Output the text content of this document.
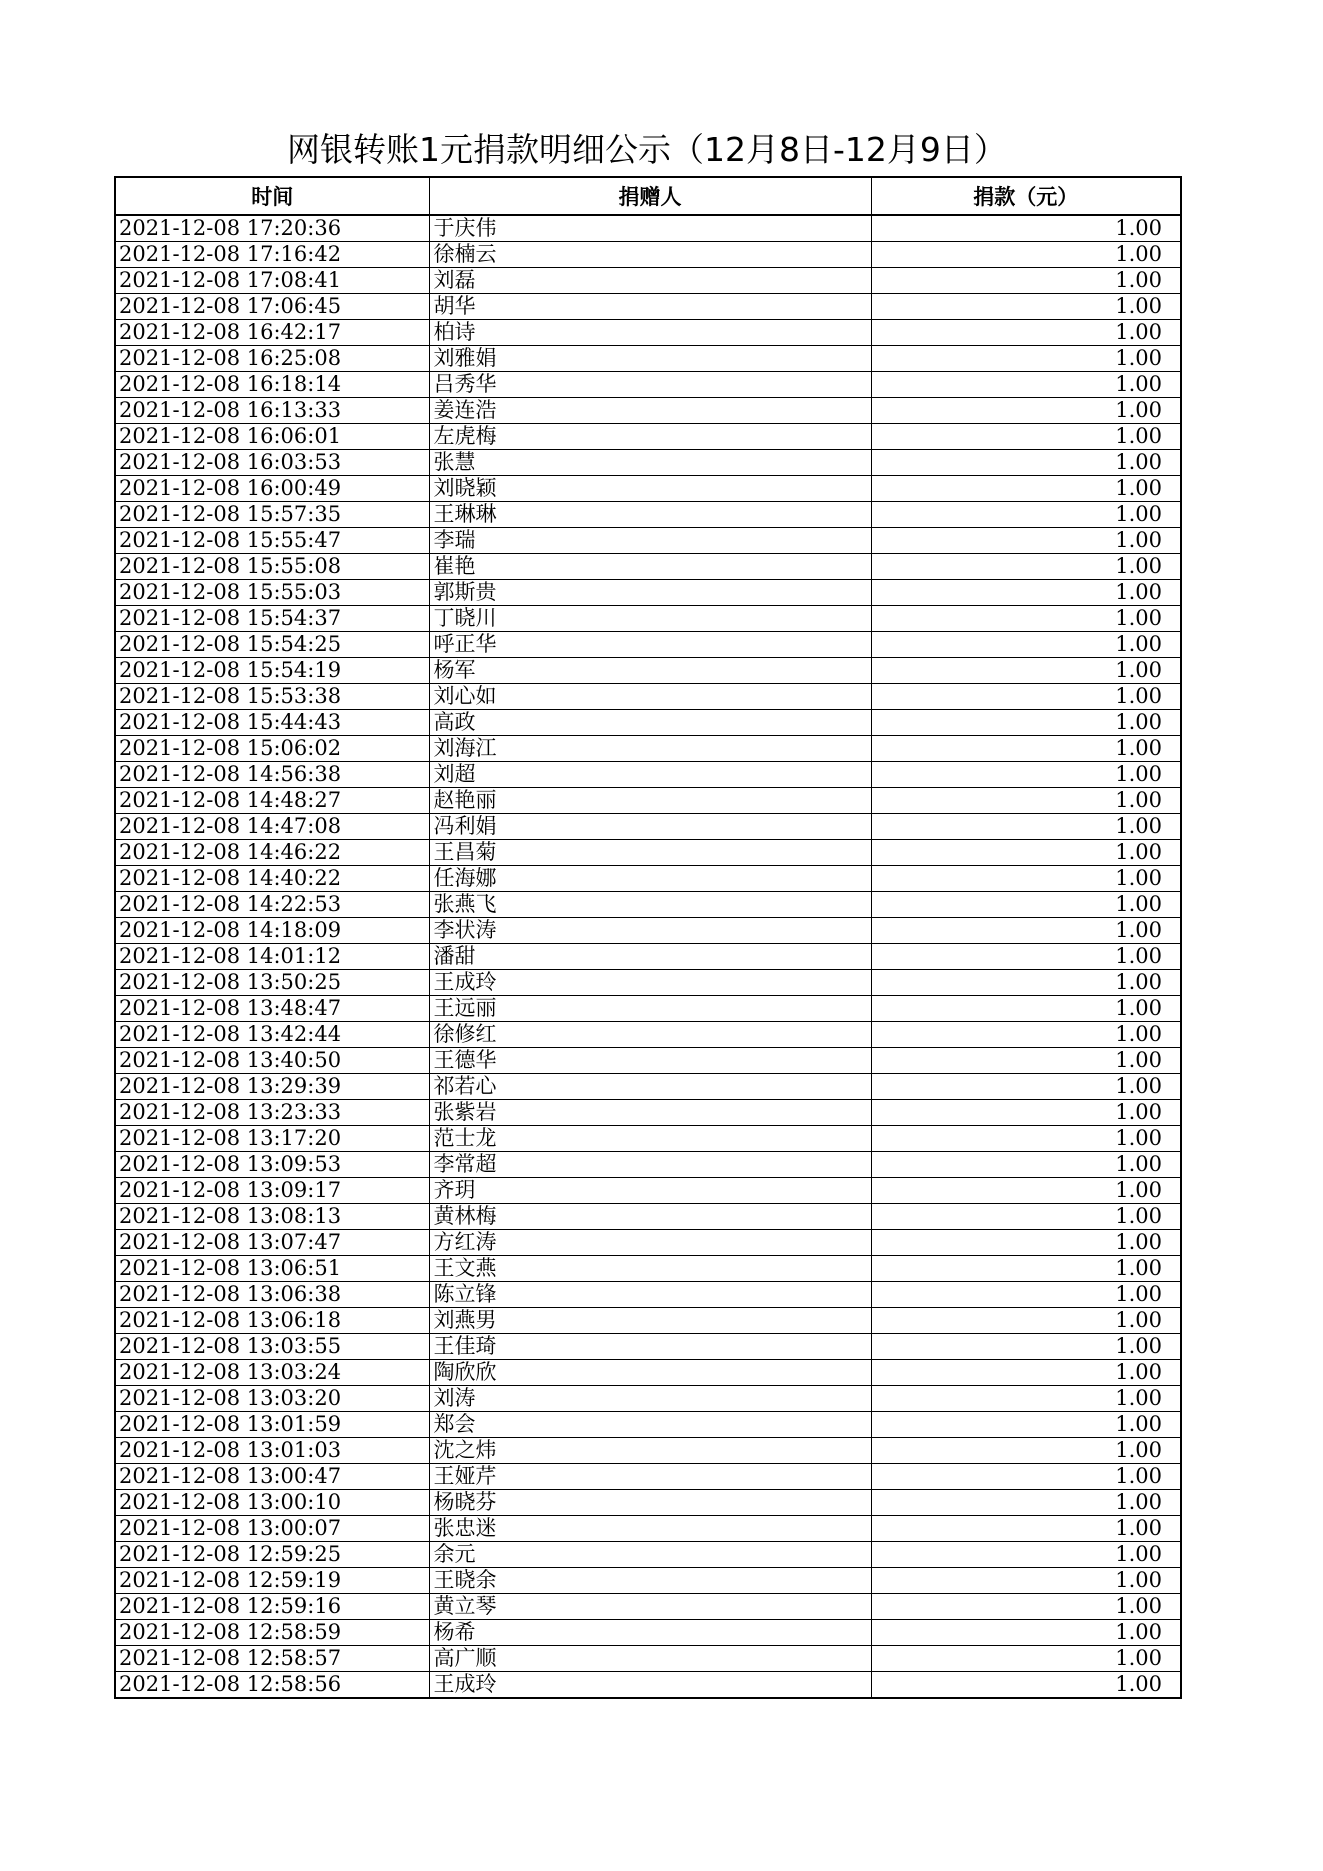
网银转账1元捐款明细公示（12月8日-12月9日）
时间	捐赠人	捐款（元）
2021-12-08 17:20:36	于庆伟	1.00
2021-12-08 17:16:42	徐楠云	1.00
2021-12-08 17:08:41	刘磊	1.00
2021-12-08 17:06:45	胡华	1.00
2021-12-08 16:42:17	柏诗	1.00
2021-12-08 16:25:08	刘雅娟	1.00
2021-12-08 16:18:14	吕秀华	1.00
2021-12-08 16:13:33	姜连浩	1.00
2021-12-08 16:06:01	左虎梅	1.00
2021-12-08 16:03:53	张慧	1.00
2021-12-08 16:00:49	刘晓颖	1.00
2021-12-08 15:57:35	王琳琳	1.00
2021-12-08 15:55:47	李瑞	1.00
2021-12-08 15:55:08	崔艳	1.00
2021-12-08 15:55:03	郭斯贵	1.00
2021-12-08 15:54:37	丁晓川	1.00
2021-12-08 15:54:25	呼正华	1.00
2021-12-08 15:54:19	杨军	1.00
2021-12-08 15:53:38	刘心如	1.00
2021-12-08 15:44:43	高政	1.00
2021-12-08 15:06:02	刘海江	1.00
2021-12-08 14:56:38	刘超	1.00
2021-12-08 14:48:27	赵艳丽	1.00
2021-12-08 14:47:08	冯利娟	1.00
2021-12-08 14:46:22	王昌菊	1.00
2021-12-08 14:40:22	任海娜	1.00
2021-12-08 14:22:53	张燕飞	1.00
2021-12-08 14:18:09	李状涛	1.00
2021-12-08 14:01:12	潘甜	1.00
2021-12-08 13:50:25	王成玲	1.00
2021-12-08 13:48:47	王远丽	1.00
2021-12-08 13:42:44	徐修红	1.00
2021-12-08 13:40:50	王德华	1.00
2021-12-08 13:29:39	祁若心	1.00
2021-12-08 13:23:33	张紫岩	1.00
2021-12-08 13:17:20	范士龙	1.00
2021-12-08 13:09:53	李常超	1.00
2021-12-08 13:09:17	齐玥	1.00
2021-12-08 13:08:13	黄林梅	1.00
2021-12-08 13:07:47	方红涛	1.00
2021-12-08 13:06:51	王文燕	1.00
2021-12-08 13:06:38	陈立锋	1.00
2021-12-08 13:06:18	刘燕男	1.00
2021-12-08 13:03:55	王佳琦	1.00
2021-12-08 13:03:24	陶欣欣	1.00
2021-12-08 13:03:20	刘涛	1.00
2021-12-08 13:01:59	郑会	1.00
2021-12-08 13:01:03	沈之炜	1.00
2021-12-08 13:00:47	王娅芹	1.00
2021-12-08 13:00:10	杨晓芬	1.00
2021-12-08 13:00:07	张忠迷	1.00
2021-12-08 12:59:25	余元	1.00
2021-12-08 12:59:19	王晓余	1.00
2021-12-08 12:59:16	黄立琴	1.00
2021-12-08 12:58:59	杨希	1.00
2021-12-08 12:58:57	高广顺	1.00
2021-12-08 12:58:56	王成玲	1.00
